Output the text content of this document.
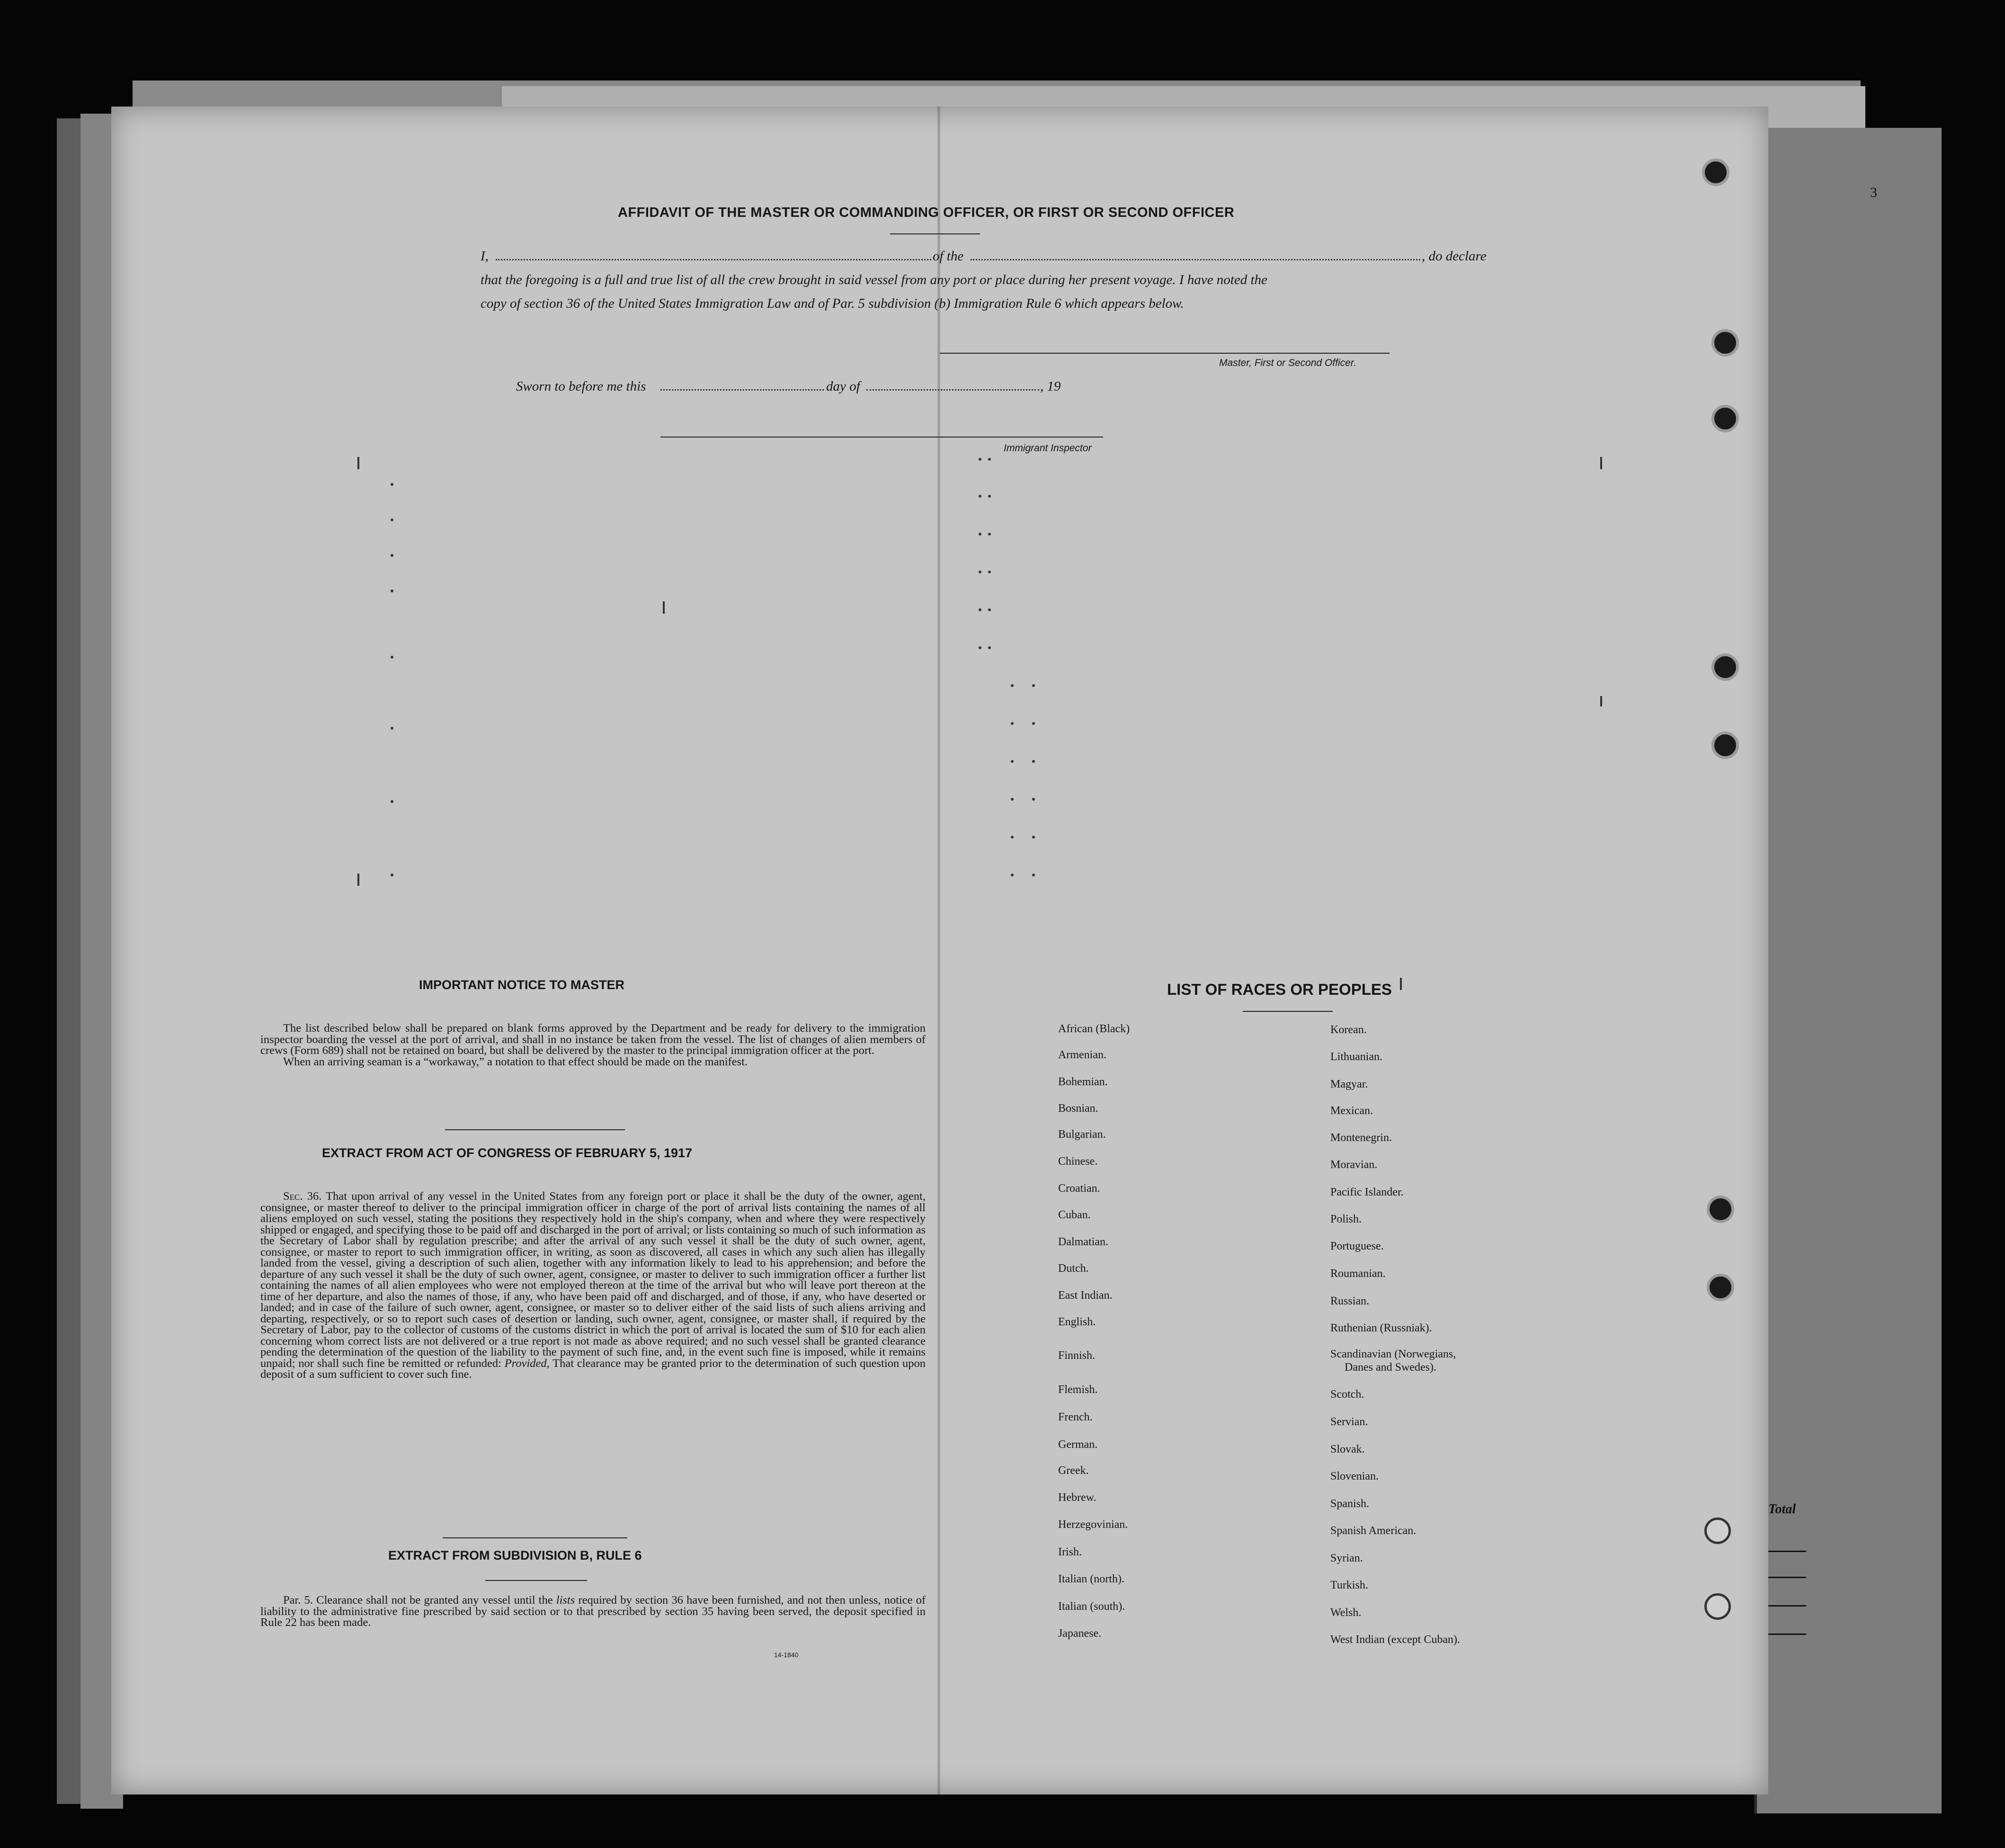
AFFIDAVIT OF THE MASTER OR COMMANDING OFFICER, OR FIRST OR SECOND OFFICER
I,	of the	, do declare
that the foregoing is a full and true list of all the crew brought in said vessel from any port or place during her present voyage. I have noted the
copy of section 36 of the United States Immigration Law and of Par. 5 subdivision (b) Immigration Rule 6 which appears below.
Master, First or Second Officer.
Sworn to before me this	day of	, 19
Immigrant Inspector
IMPORTANT NOTICE TO MASTER

The list described below shall be prepared on blank forms approved by the Department and be ready for delivery to the immigration inspector boarding the vessel at the port of arrival, and shall in no instance be taken from the vessel. The list of changes of alien members of crews (Form 689) shall not be retained on board, but shall be delivered by the master to the principal immigration officer at the port.

When an arriving seaman is a “workaway,” a notation to that effect should be made on the manifest.

EXTRACT FROM ACT OF CONGRESS OF FEBRUARY 5, 1917

Sec. 36. That upon arrival of any vessel in the United States from any foreign port or place it shall be the duty of the owner, agent, consignee, or master thereof to deliver to the principal immigration officer in charge of the port of arrival lists containing the names of all aliens employed on such vessel, stating the positions they respectively hold in the ship's company, when and where they were respectively shipped or engaged, and specifying those to be paid off and discharged in the port of arrival; or lists containing so much of such information as the Secretary of Labor shall by regulation prescribe; and after the arrival of any such vessel it shall be the duty of such owner, agent, consignee, or master to report to such immigration officer, in writing, as soon as discovered, all cases in which any such alien has illegally landed from the vessel, giving a description of such alien, together with any information likely to lead to his apprehension; and before the departure of any such vessel it shall be the duty of such owner, agent, consignee, or master to deliver to such immigration officer a further list containing the names of all alien employees who were not employed thereon at the time of the arrival but who will leave port thereon at the time of her departure, and also the names of those, if any, who have been paid off and discharged, and of those, if any, who have deserted or landed; and in case of the failure of such owner, agent, consignee, or master so to deliver either of the said lists of such aliens arriving and departing, respectively, or so to report such cases of desertion or landing, such owner, agent, consignee, or master shall, if required by the Secretary of Labor, pay to the collector of customs of the customs district in which the port of arrival is located the sum of $10 for each alien concerning whom correct lists are not delivered or a true report is not made as above required; and no such vessel shall be granted clearance pending the determination of the question of the liability to the payment of such fine, and, in the event such fine is imposed, while it remains unpaid; nor shall such fine be remitted or refunded: Provided, That clearance may be granted prior to the determination of such question upon deposit of a sum sufficient to cover such fine.

EXTRACT FROM SUBDIVISION B, RULE 6

Par. 5. Clearance shall not be granted any vessel until the lists required by section 36 have been furnished, and not then unless, notice of liability to the administrative fine prescribed by said section or to that prescribed by section 35 having been served, the deposit specified in Rule 22 has been made.

14-1840
LIST OF RACES OR PEOPLES
African (Black)
Armenian.
Bohemian.
Bosnian.
Bulgarian.
Chinese.
Croatian.
Cuban.
Dalmatian.
Dutch.
East Indian.
English.
Finnish.
Flemish.
French.
German.
Greek.
Hebrew.
Herzegovinian.
Irish.
Italian (north).
Italian (south).
Japanese.
Korean.
Lithuanian.
Magyar.
Mexican.
Montenegrin.
Moravian.
Pacific Islander.
Polish.
Portuguese.
Roumanian.
Russian.
Ruthenian (Russniak).
Scandinavian (Norwegians,
Danes and Swedes).
Scotch.
Servian.
Slovak.
Slovenian.
Spanish.
Spanish American.
Syrian.
Turkish.
Welsh.
West Indian (except Cuban).
Total
3
